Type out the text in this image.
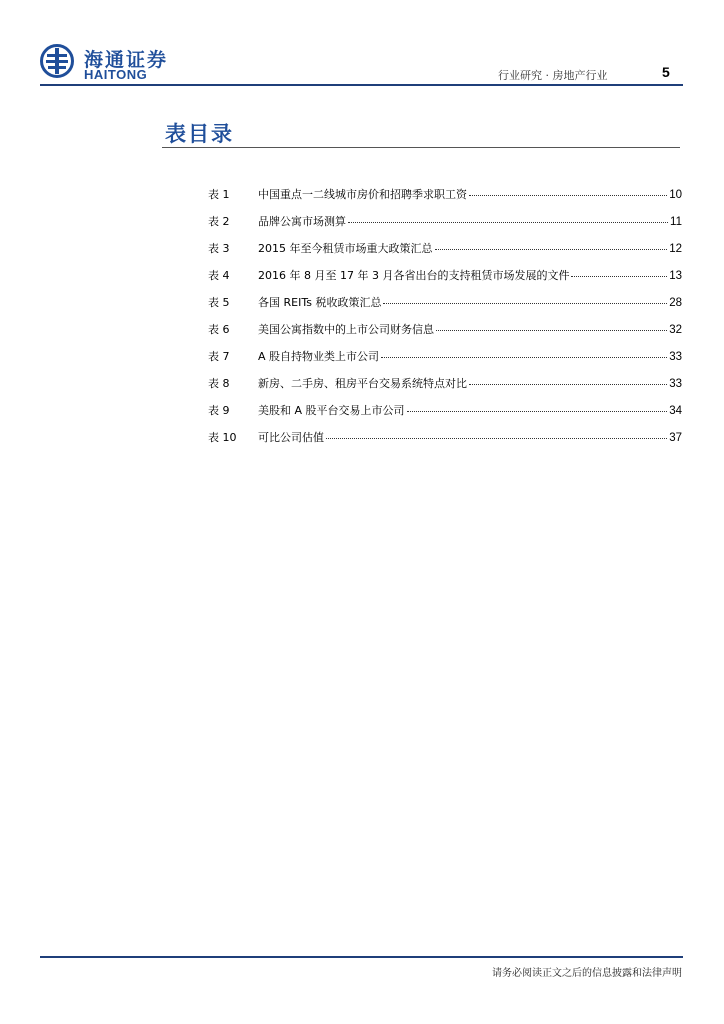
海通证券
HAITONG	行业研究 · 房地产行业	5
表目录
表 1	中国重点一二线城市房价和招聘季求职工资	10
表 2	品牌公寓市场测算	11
表 3	2015 年至今租赁市场重大政策汇总	12
表 4	2016 年 8 月至 17 年 3 月各省出台的支持租赁市场发展的文件	13
表 5	各国 REITs 税收政策汇总	28
表 6	美国公寓指数中的上市公司财务信息	32
表 7	A 股自持物业类上市公司	33
表 8	新房、二手房、租房平台交易系统特点对比	33
表 9	美股和 A 股平台交易上市公司	34
表 10	可比公司估值	37
请务必阅读正文之后的信息披露和法律声明
